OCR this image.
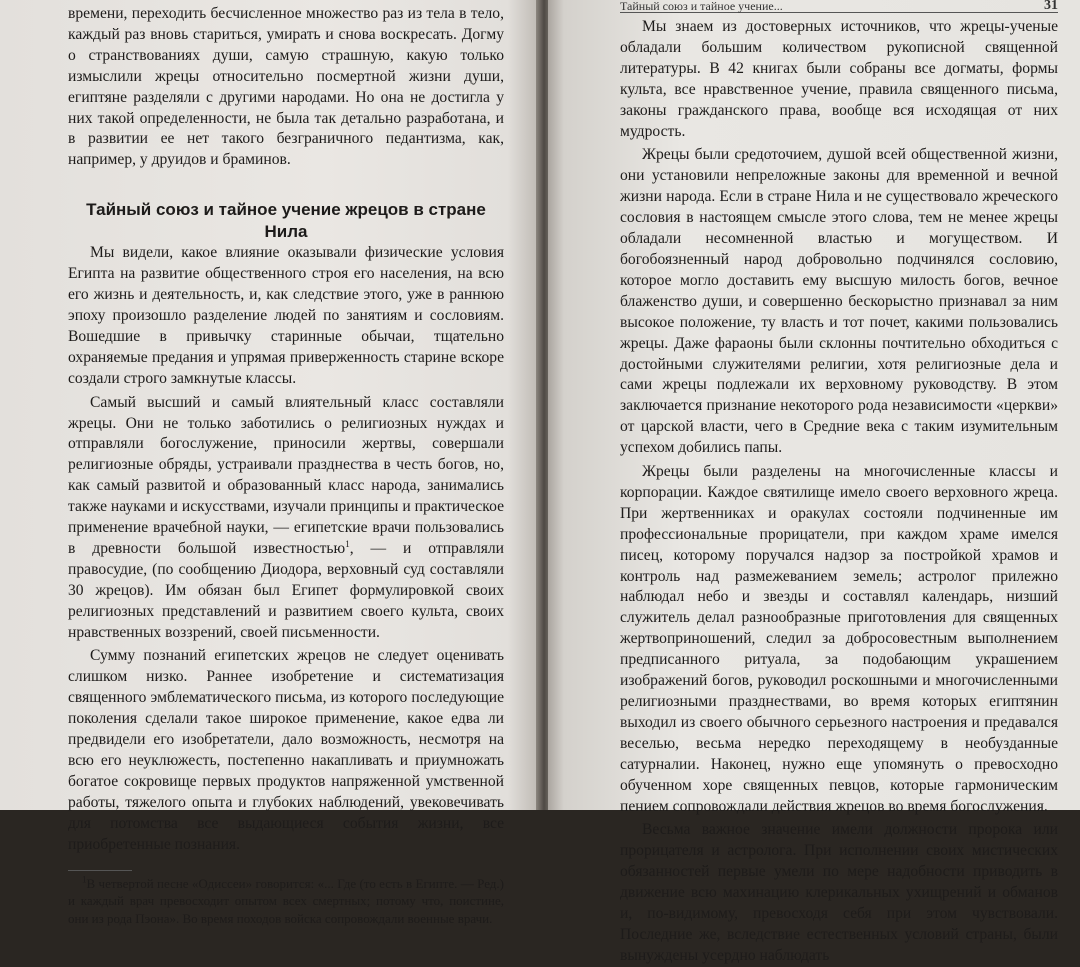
времени, переходить бесчисленное множество раз из тела в тело, каждый раз вновь стариться, умирать и снова воскресать. Догму о странствованиях души, самую страшную, какую только измыслили жрецы относительно посмертной жизни души, египтяне разделяли с другими народами. Но она не достигла у них такой определенности, не была так детально разработана, и в развитии ее нет такого безграничного педантизма, как, например, у друидов и браминов.

Тайный союз и тайное учение жрецов в стране Нила

Мы видели, какое влияние оказывали физические условия Египта на развитие общественного строя его населения, на всю его жизнь и деятельность, и, как следствие этого, уже в раннюю эпоху произошло разделение людей по занятиям и сословиям. Вошедшие в привычку старинные обычаи, тщательно охраняемые предания и упрямая приверженность старине вскоре создали строго замкнутые классы.

Самый высший и самый влиятельный класс составляли жрецы. Они не только заботились о религиозных нуждах и отправляли богослужение, приносили жертвы, совершали религиозные обряды, устраивали празднества в честь богов, но, как самый развитой и образованный класс народа, занимались также науками и искусствами, изучали принципы и практическое применение врачебной науки, — египетские врачи пользовались в древности большой известностью$^1$, — и отправляли правосудие, (по сообщению Диодора, верховный суд составляли 30 жрецов). Им обязан был Египет формулировкой своих религиозных представлений и развитием своего культа, своих нравственных воззрений, своей письменности.

Сумму познаний египетских жрецов не следует оценивать слишком низко. Раннее изобретение и систематизация священного эмблематического письма, из которого последующие поколения сделали такое широкое применение, какое едва ли предвидели его изобретатели, дало возможность, несмотря на всю его неуклюжесть, постепенно накапливать и приумножать богатое сокровище первых продуктов напряженной умственной работы, тяжелого опыта и глубоких наблюдений, увековечивать для потомства все выдающиеся события жизни, все приобретенные познания.

$^1$В четвертой песне «Одиссеи» говорится: «... Где (то есть в Египте. — Ред.) и каждый врач превосходит опытом всех смертных; потому что, поистине, они из рода Пэона». Во время походов войска сопровождали военные врачи.

Тайный союз и тайное учение...	31

Мы знаем из достоверных источников, что жрецы-ученые обладали большим количеством рукописной священной литературы. В 42 книгах были собраны все догматы, формы культа, все нравственное учение, правила священного письма, законы гражданского права, вообще вся исходящая от них мудрость.

Жрецы были средоточием, душой всей общественной жизни, они установили непреложные законы для временной и вечной жизни народа. Если в стране Нила и не существовало жреческого сословия в настоящем смысле этого слова, тем не менее жрецы обладали несомненной властью и могуществом. И богобоязненный народ добровольно подчинялся сословию, которое могло доставить ему высшую милость богов, вечное блаженство души, и совершенно бескорыстно признавал за ним высокое положение, ту власть и тот почет, какими пользовались жрецы. Даже фараоны были склонны почтительно обходиться с достойными служителями религии, хотя религиозные дела и сами жрецы подлежали их верховному руководству. В этом заключается признание некоторого рода независимости «церкви» от царской власти, чего в Средние века с таким изумительным успехом добились папы.

Жрецы были разделены на многочисленные классы и корпорации. Каждое святилище имело своего верховного жреца. При жертвенниках и оракулах состояли подчиненные им профессиональные прорицатели, при каждом храме имелся писец, которому поручался надзор за постройкой храмов и контроль над размежеванием земель; астролог прилежно наблюдал небо и звезды и составлял календарь, низший служитель делал разнообразные приготовления для священных жертвоприношений, следил за добросовестным выполнением предписанного ритуала, за подобающим украшением изображений богов, руководил роскошными и многочисленными религиозными празднествами, во время которых египтянин выходил из своего обычного серьезного настроения и предавался веселью, весьма нередко переходящему в необузданные сатурналии. Наконец, нужно еще упомянуть о превосходно обученном хоре священных певцов, которые гармоническим пением сопровождали действия жрецов во время богослужения.

Весьма важное значение имели должности пророка или прорицателя и астролога. При исполнении своих мистических обязанностей первые умели по мере надобности приводить в движение всю махинацию клерикальных ухищрений и обманов и, по-видимому, превосходя себя при этом чувствовали. Последние же, вследствие естественных условий страны, были вынуждены усердно наблюдать
